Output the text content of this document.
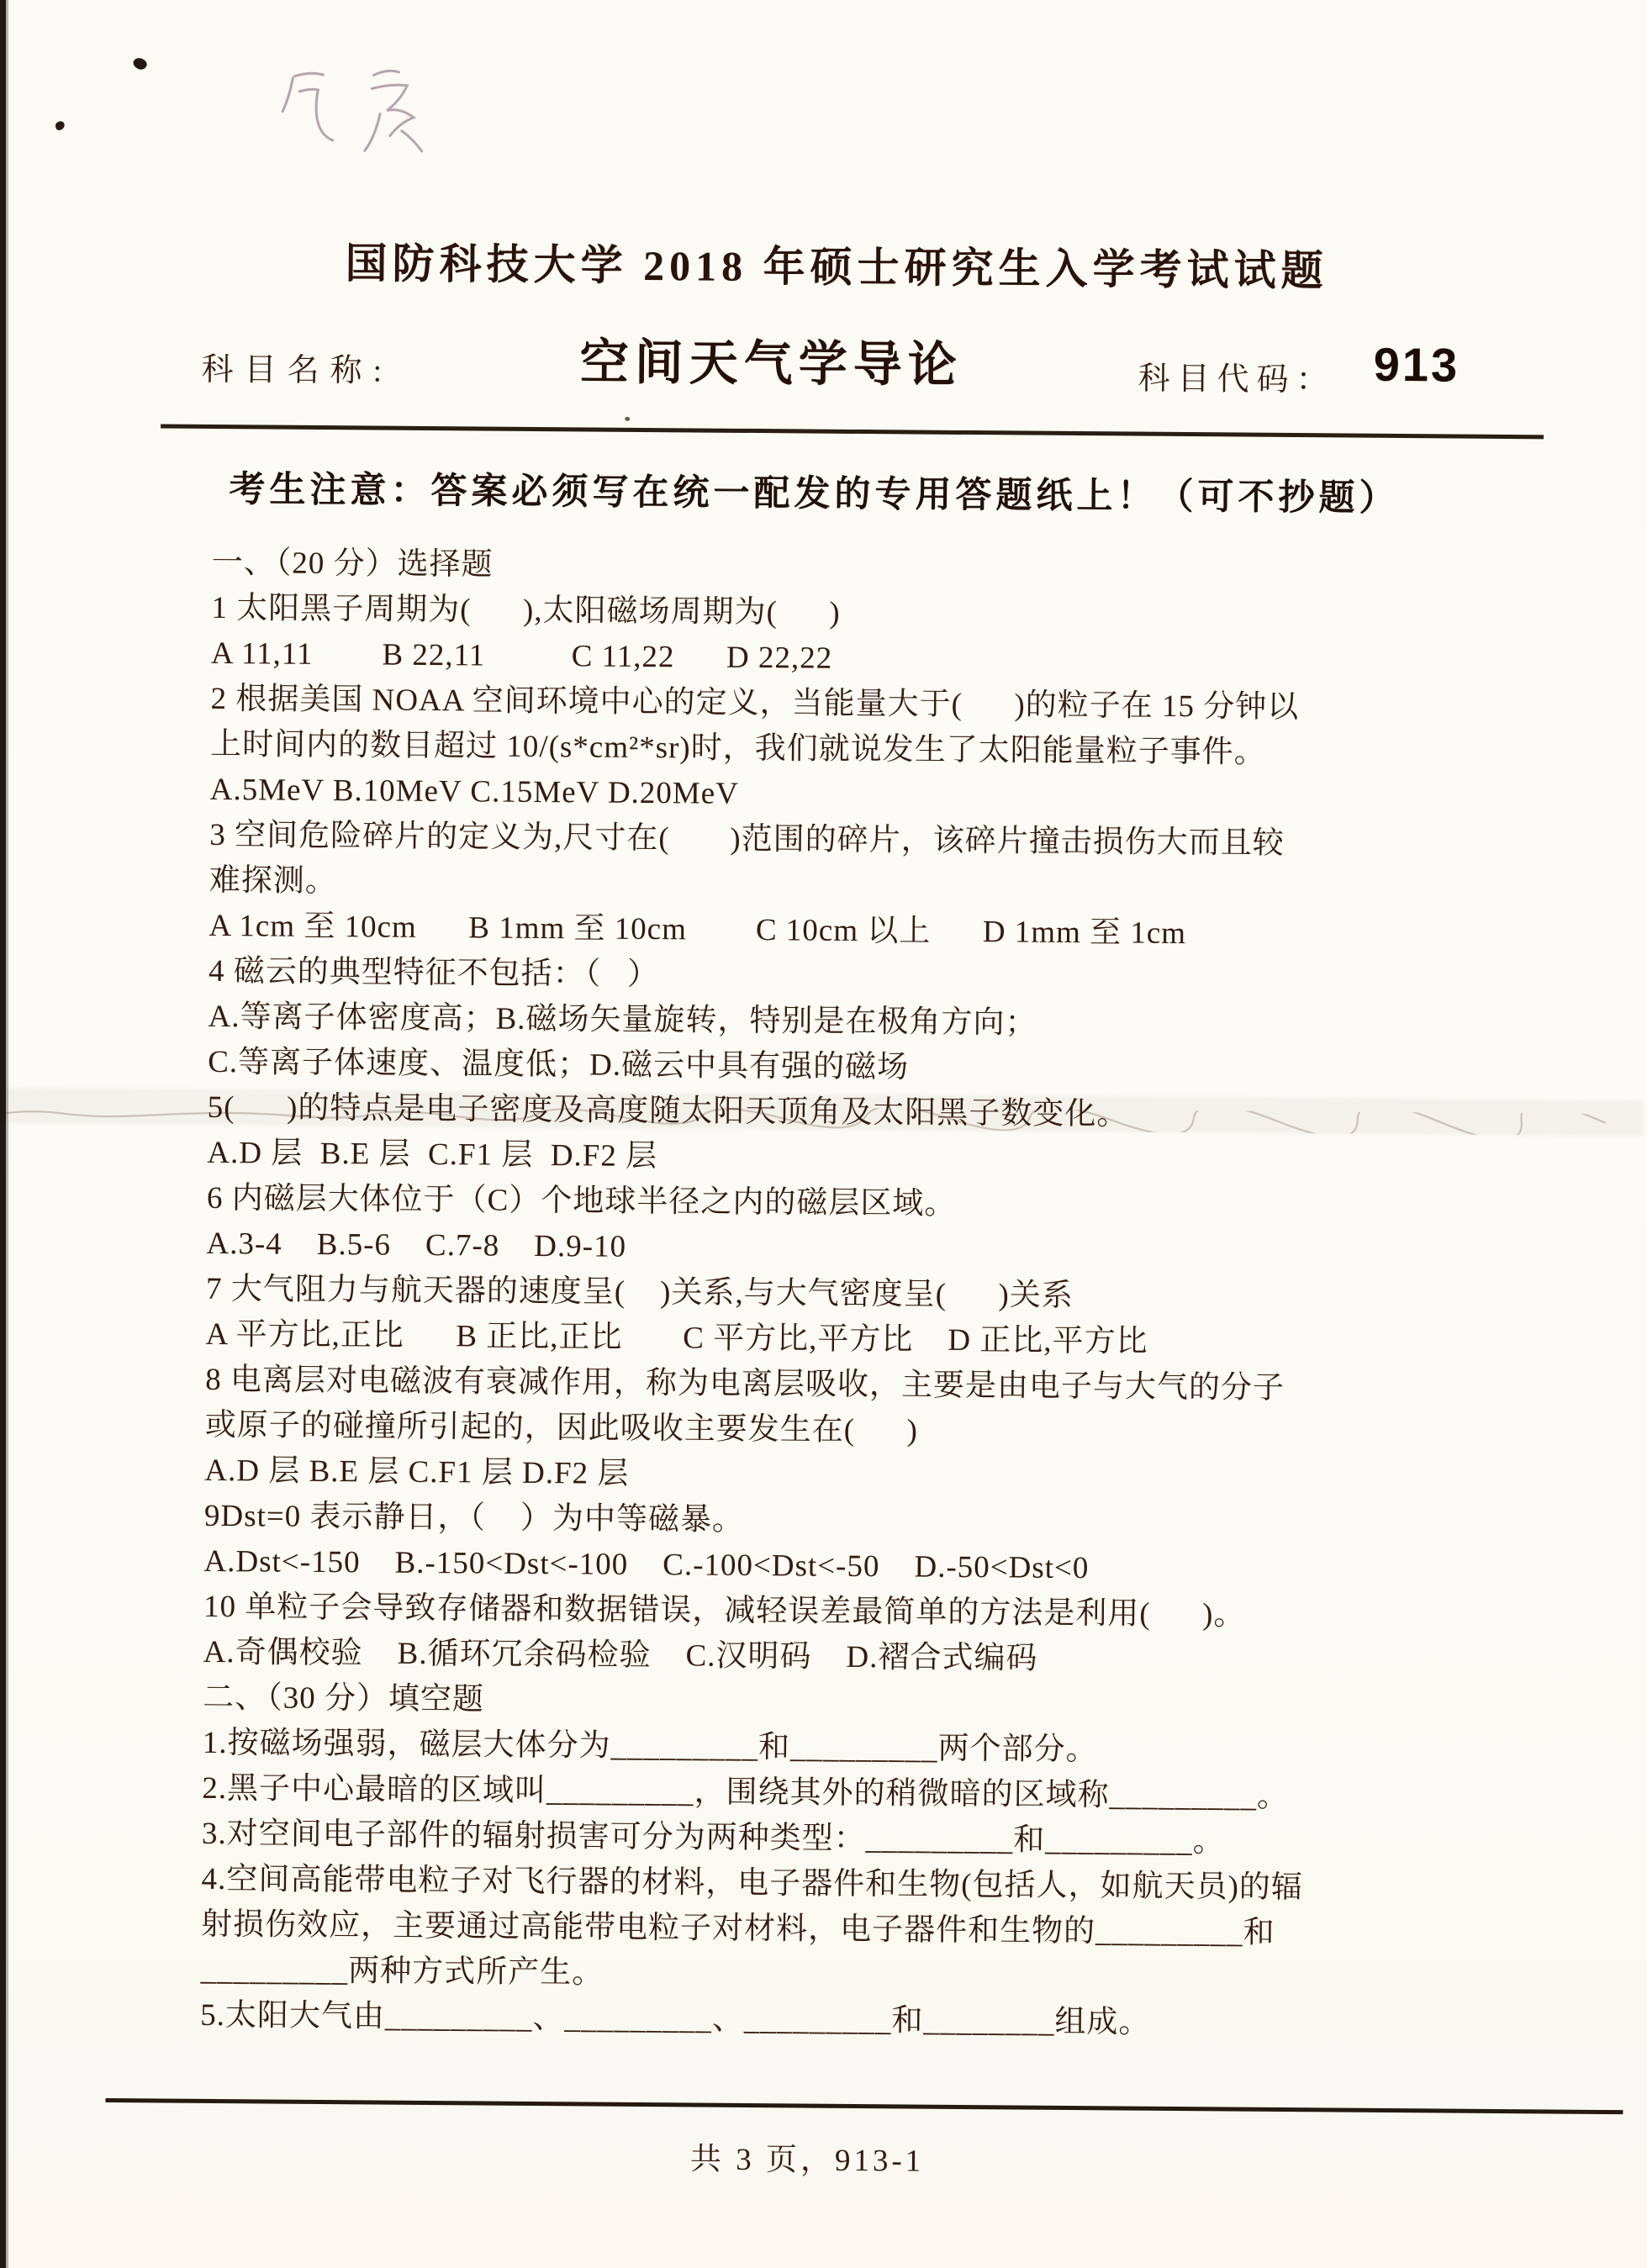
国防科技大学 2018 年硕士研究生入学考试试题
科目名称:	空间天气学导论	科目代码： 913
考生注意：答案必须写在统一配发的专用答题纸上！（可不抄题）
一、（20 分）选择题
1 太阳黑子周期为(      ),太阳磁场周期为(      )
A 11,11        B 22,11          C 11,22      D 22,22
2 根据美国 NOAA 空间环境中心的定义，当能量大于(      )的粒子在 15 分钟以
上时间内的数目超过 10/(s*cm²*sr)时，我们就说发生了太阳能量粒子事件。
A.5MeV B.10MeV C.15MeV D.20MeV
3 空间危险碎片的定义为,尺寸在(       )范围的碎片，该碎片撞击损伤大而且较
难探测。
A 1cm 至 10cm      B 1mm 至 10cm        C 10cm 以上      D 1mm 至 1cm
4 磁云的典型特征不包括：（   ）
A.等离子体密度高；B.磁场矢量旋转，特别是在极角方向；
C.等离子体速度、温度低；D.磁云中具有强的磁场
5(      )的特点是电子密度及高度随太阳天顶角及太阳黑子数变化。
A.D 层  B.E 层  C.F1 层  D.F2 层
6 内磁层大体位于（C）个地球半径之内的磁层区域。
A.3-4    B.5-6    C.7-8    D.9-10
7 大气阻力与航天器的速度呈(    )关系,与大气密度呈(      )关系
A 平方比,正比      B 正比,正比       C 平方比,平方比    D 正比,平方比
8 电离层对电磁波有衰减作用，称为电离层吸收，主要是由电子与大气的分子
或原子的碰撞所引起的，因此吸收主要发生在(      )
A.D 层 B.E 层 C.F1 层 D.F2 层
9Dst=0 表示静日，（    ）为中等磁暴。
A.Dst<-150    B.-150<Dst<-100    C.-100<Dst<-50    D.-50<Dst<0
10 单粒子会导致存储器和数据错误，减轻误差最简单的方法是利用(      )。
A.奇偶校验    B.循环冗余码检验    C.汉明码    D.褶合式编码
二、（30 分）填空题
1.按磁场强弱，磁层大体分为_________和_________两个部分。
2.黑子中心最暗的区域叫_________，围绕其外的稍微暗的区域称_________。
3.对空间电子部件的辐射损害可分为两种类型：_________和_________。
4.空间高能带电粒子对飞行器的材料，电子器件和生物(包括人，如航天员)的辐
射损伤效应，主要通过高能带电粒子对材料，电子器件和生物的_________和
_________两种方式所产生。
5.太阳大气由_________、_________、_________和________组成。
共 3 页，913-1
